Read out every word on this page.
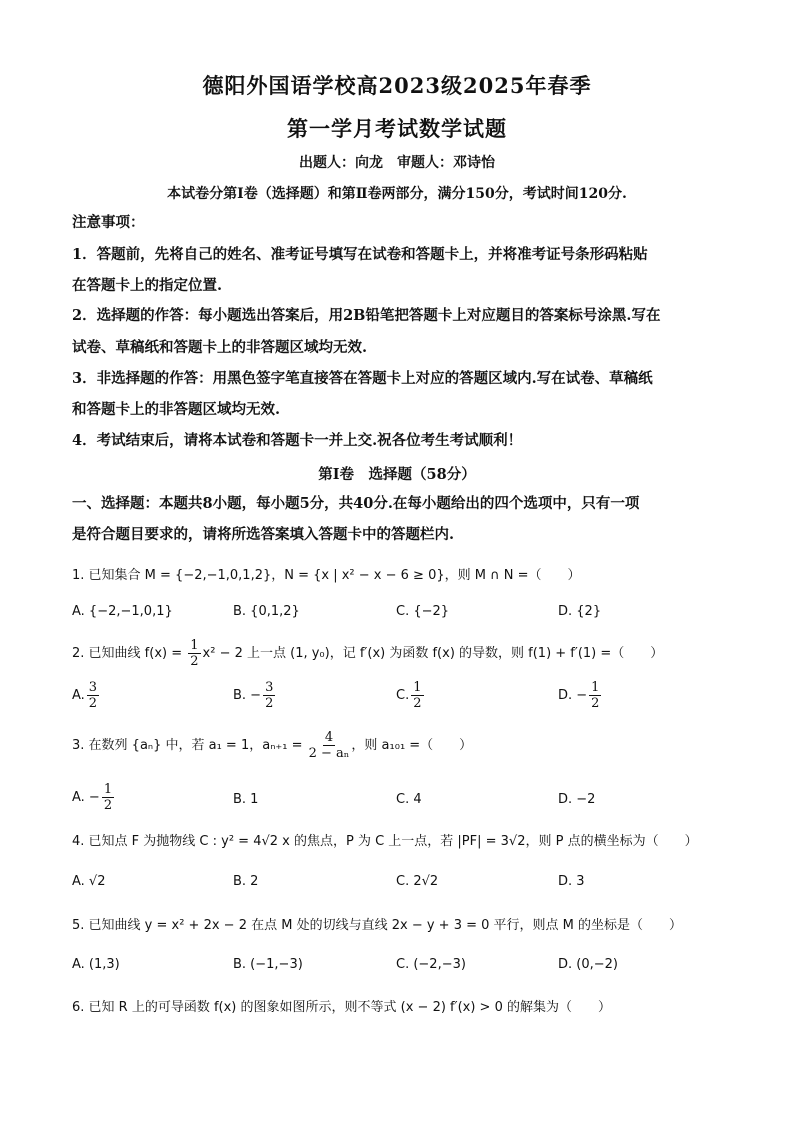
德阳外国语学校高2023级2025年春季
第一学月考试数学试题
出题人：向龙　审题人：邓诗怡
本试卷分第Ⅰ卷（选择题）和第Ⅱ卷两部分，满分150分，考试时间120分.
注意事项：
1．答题前，先将自己的姓名、准考证号填写在试卷和答题卡上，并将准考证号条形码粘贴
在答题卡上的指定位置.
2．选择题的作答：每小题选出答案后，用2B铅笔把答题卡上对应题目的答案标号涂黑.写在
试卷、草稿纸和答题卡上的非答题区域均无效.
3．非选择题的作答：用黑色签字笔直接答在答题卡上对应的答题区域内.写在试卷、草稿纸
和答题卡上的非答题区域均无效.
4．考试结束后，请将本试卷和答题卡一并上交.祝各位考生考试顺利！
第Ⅰ卷　选择题（58分）
一、选择题：本题共8小题，每小题5分，共40分.在每小题给出的四个选项中，只有一项
是符合题目要求的，请将所选答案填入答题卡中的答题栏内.
1. 已知集合 M = {−2,−1,0,1,2}，N = {x | x² − x − 6 ≥ 0}，则 M ∩ N =（　　）
A. {−2,−1,0,1}	B. {0,1,2}	C. {−2}	D. {2}
2. 已知曲线 $f(x) = \frac{1}{2} x^2 - 2$ 上一点 (1, y₀)，记 f′(x) 为函数 f(x) 的导数，则 f(1) + f′(1) =（　　）
A. $\frac{3}{2}$	B. − $\frac{3}{2}$	C. $\frac{1}{2}$	D. − $\frac{1}{2}$
3. 在数列 {aₙ} 中，若 a₁ = 1，$a_{n+1} = \frac{4}{\text{2 − aₙ}}$ ，则 a₁₀₁ =（　　）
A. − $\frac{1}{2}$	B. 1	C. 4	D. −2
4. 已知点 F 为抛物线 C : y² = 4√2 x 的焦点，P 为 C 上一点，若 |PF| = 3√2，则 P 点的横坐标为（　　）
A. √2	B. 2	C. 2√2	D. 3
5. 已知曲线 y = x² + 2x − 2 在点 M 处的切线与直线 2x − y + 3 = 0 平行，则点 M 的坐标是（　　）
A. (1,3)	B. (−1,−3)	C. (−2,−3)	D. (0,−2)
6. 已知 R 上的可导函数 f(x) 的图象如图所示，则不等式 (x − 2) f′(x) > 0 的解集为（　　）
